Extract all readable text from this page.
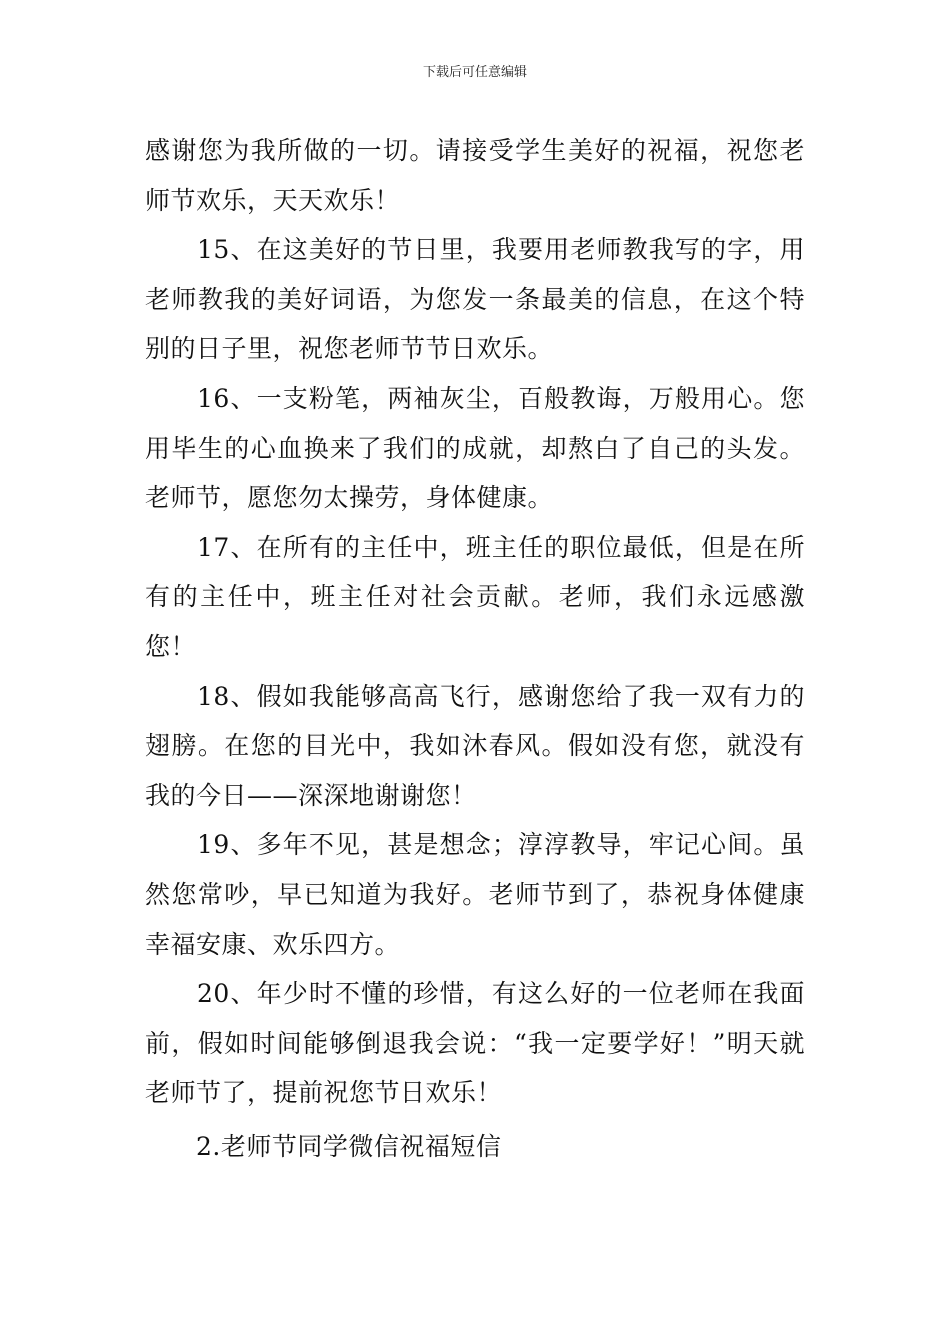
下载后可任意编辑

感谢您为我所做的一切。请接受学生美好的祝福，祝您老师节欢乐，天天欢乐！

15、在这美好的节日里，我要用老师教我写的字，用老师教我的美好词语，为您发一条最美的信息，在这个特别的日子里，祝您老师节节日欢乐。

16、一支粉笔，两袖灰尘，百般教诲，万般用心。您用毕生的心血换来了我们的成就，却熬白了自己的头发。老师节，愿您勿太操劳，身体健康。

17、在所有的主任中，班主任的职位最低，但是在所有的主任中，班主任对社会贡献。老师，我们永远感激您！

18、假如我能够高高飞行，感谢您给了我一双有力的翅膀。在您的目光中，我如沐春风。假如没有您，就没有我的今日——深深地谢谢您！

19、多年不见，甚是想念；淳淳教导，牢记心间。虽然您常吵，早已知道为我好。老师节到了，恭祝身体健康幸福安康、欢乐四方。

20、年少时不懂的珍惜，有这么好的一位老师在我面前，假如时间能够倒退我会说：“我一定要学好！”明天就老师节了，提前祝您节日欢乐！

2.老师节同学微信祝福短信
